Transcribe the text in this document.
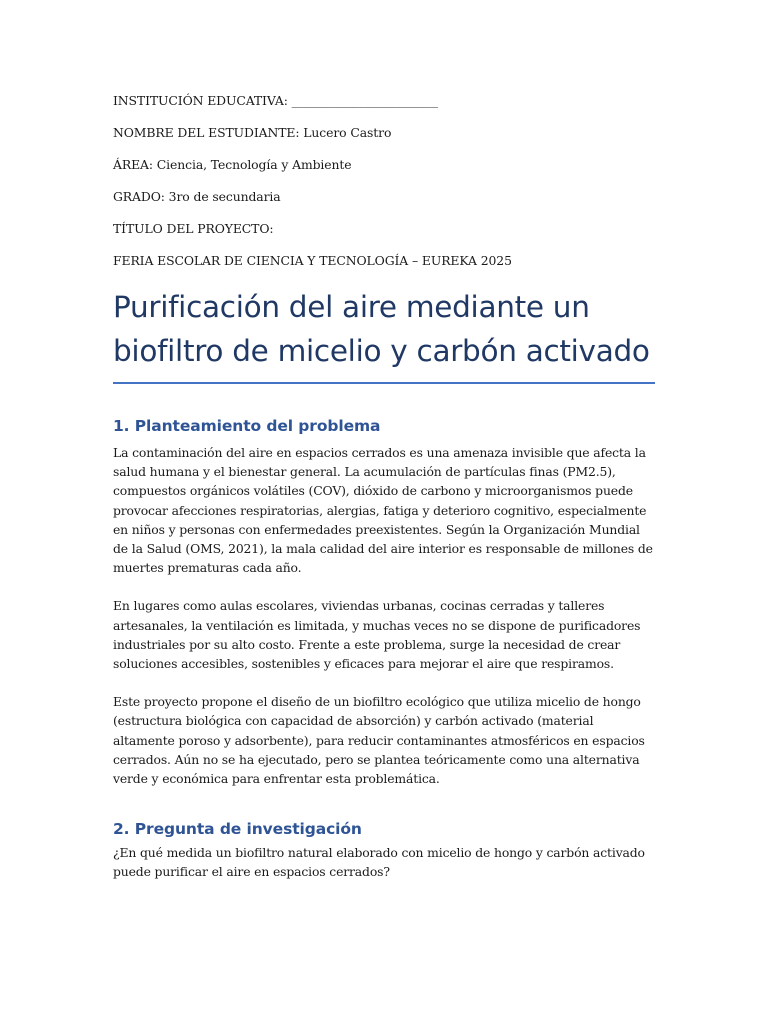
INSTITUCIÓN EDUCATIVA: ________________________
NOMBRE DEL ESTUDIANTE: Lucero Castro
ÁREA: Ciencia, Tecnología y Ambiente
GRADO: 3ro de secundaria
TÍTULO DEL PROYECTO:
FERIA ESCOLAR DE CIENCIA Y TECNOLOGÍA – EUREKA 2025
Purificación del aire mediante un
biofiltro de micelio y carbón activado
1. Planteamiento del problema

La contaminación del aire en espacios cerrados es una amenaza invisible que afecta la salud humana y el bienestar general. La acumulación de partículas finas (PM2.5), compuestos orgánicos volátiles (COV), dióxido de carbono y microorganismos puede provocar afecciones respiratorias, alergias, fatiga y deterioro cognitivo, especialmente en niños y personas con enfermedades preexistentes. Según la Organización Mundial de la Salud (OMS, 2021), la mala calidad del aire interior es responsable de millones de muertes prematuras cada año.

En lugares como aulas escolares, viviendas urbanas, cocinas cerradas y talleres artesanales, la ventilación es limitada, y muchas veces no se dispone de purificadores industriales por su alto costo. Frente a este problema, surge la necesidad de crear soluciones accesibles, sostenibles y eficaces para mejorar el aire que respiramos.

Este proyecto propone el diseño de un biofiltro ecológico que utiliza micelio de hongo (estructura biológica con capacidad de absorción) y carbón activado (material altamente poroso y adsorbente), para reducir contaminantes atmosféricos en espacios cerrados. Aún no se ha ejecutado, pero se plantea teóricamente como una alternativa verde y económica para enfrentar esta problemática.

2. Pregunta de investigación

¿En qué medida un biofiltro natural elaborado con micelio de hongo y carbón activado puede purificar el aire en espacios cerrados?
